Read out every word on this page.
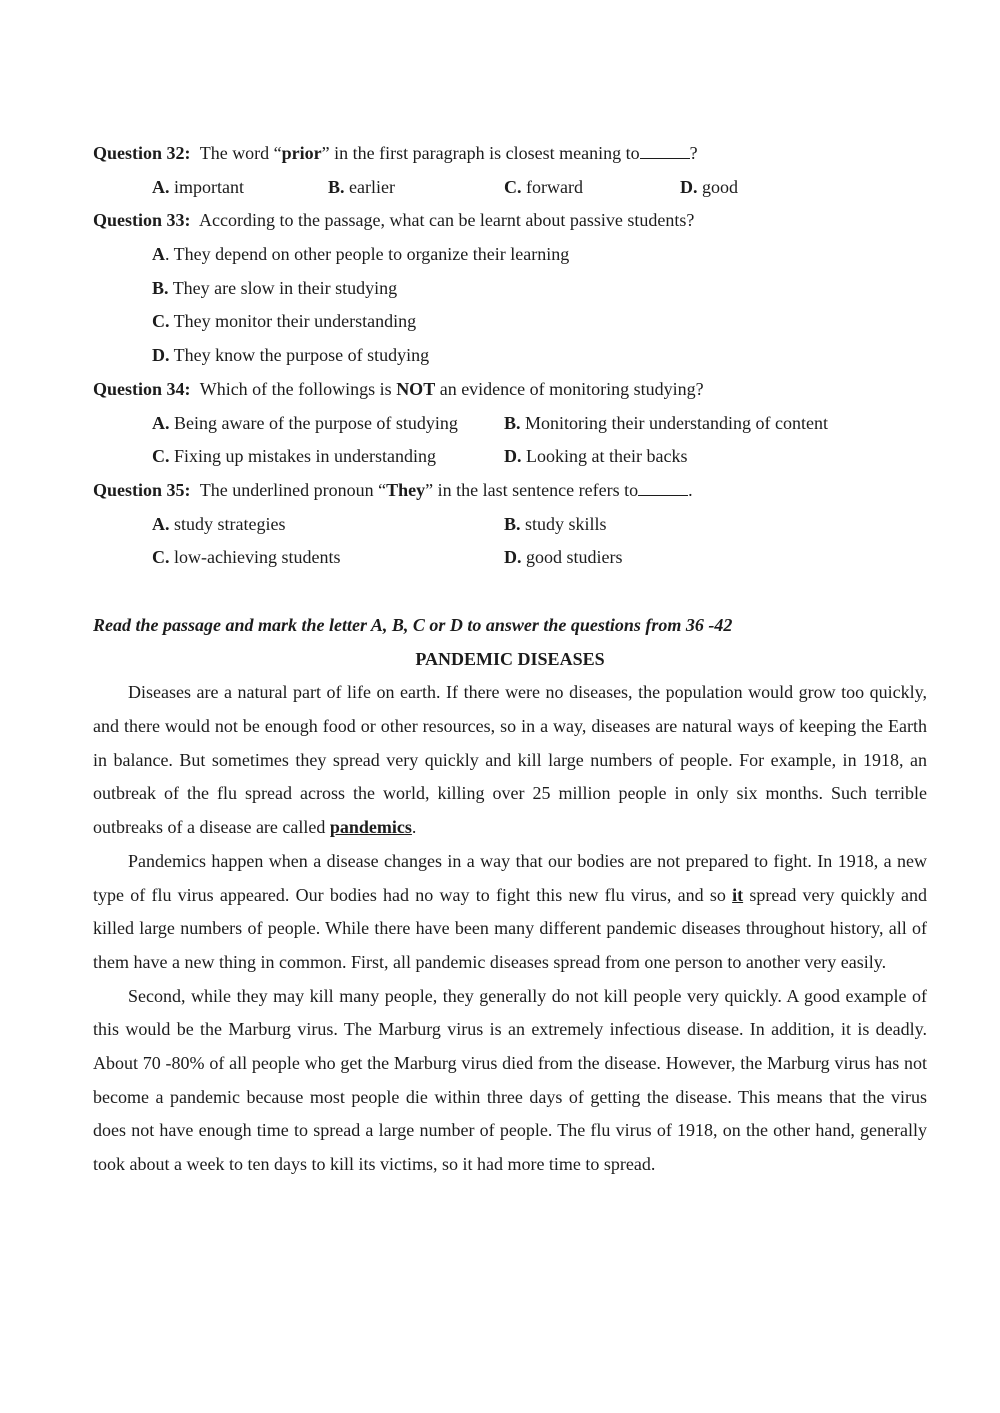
Question 32: The word “prior” in the first paragraph is closest meaning to	?
A. important	B. earlier	C. forward	D. good
Question 33: According to the passage, what can be learnt about passive students?
A. They depend on other people to organize their learning
B. They are slow in their studying
C. They monitor their understanding
D. They know the purpose of studying
Question 34: Which of the followings is NOT an evidence of monitoring studying?
A. Being aware of the purpose of studying	B. Monitoring their understanding of content
C. Fixing up mistakes in understanding	D. Looking at their backs
Question 35: The underlined pronoun “They” in the last sentence refers to	.
A. study strategies	B. study skills
C. low-achieving students	D. good studiers
Read the passage and mark the letter A, B, C or D to answer the questions from 36 -42
PANDEMIC DISEASES

Diseases are a natural part of life on earth. If there were no diseases, the population would grow too quickly, and there would not be enough food or other resources, so in a way, diseases are natural ways of keeping the Earth in balance. But sometimes they spread very quickly and kill large numbers of people. For example, in 1918, an outbreak of the flu spread across the world, killing over 25 million people in only six months. Such terrible outbreaks of a disease are called pandemics.

Pandemics happen when a disease changes in a way that our bodies are not prepared to fight. In 1918, a new type of flu virus appeared. Our bodies had no way to fight this new flu virus, and so it spread very quickly and killed large numbers of people. While there have been many different pandemic diseases throughout history, all of them have a new thing in common. First, all pandemic diseases spread from one person to another very easily.

Second, while they may kill many people, they generally do not kill people very quickly. A good example of this would be the Marburg virus. The Marburg virus is an extremely infectious disease. In addition, it is deadly. About 70 -80% of all people who get the Marburg virus died from the disease. However, the Marburg virus has not become a pandemic because most people die within three days of getting the disease. This means that the virus does not have enough time to spread a large number of people. The flu virus of 1918, on the other hand, generally took about a week to ten days to kill its victims, so it had more time to spread.
